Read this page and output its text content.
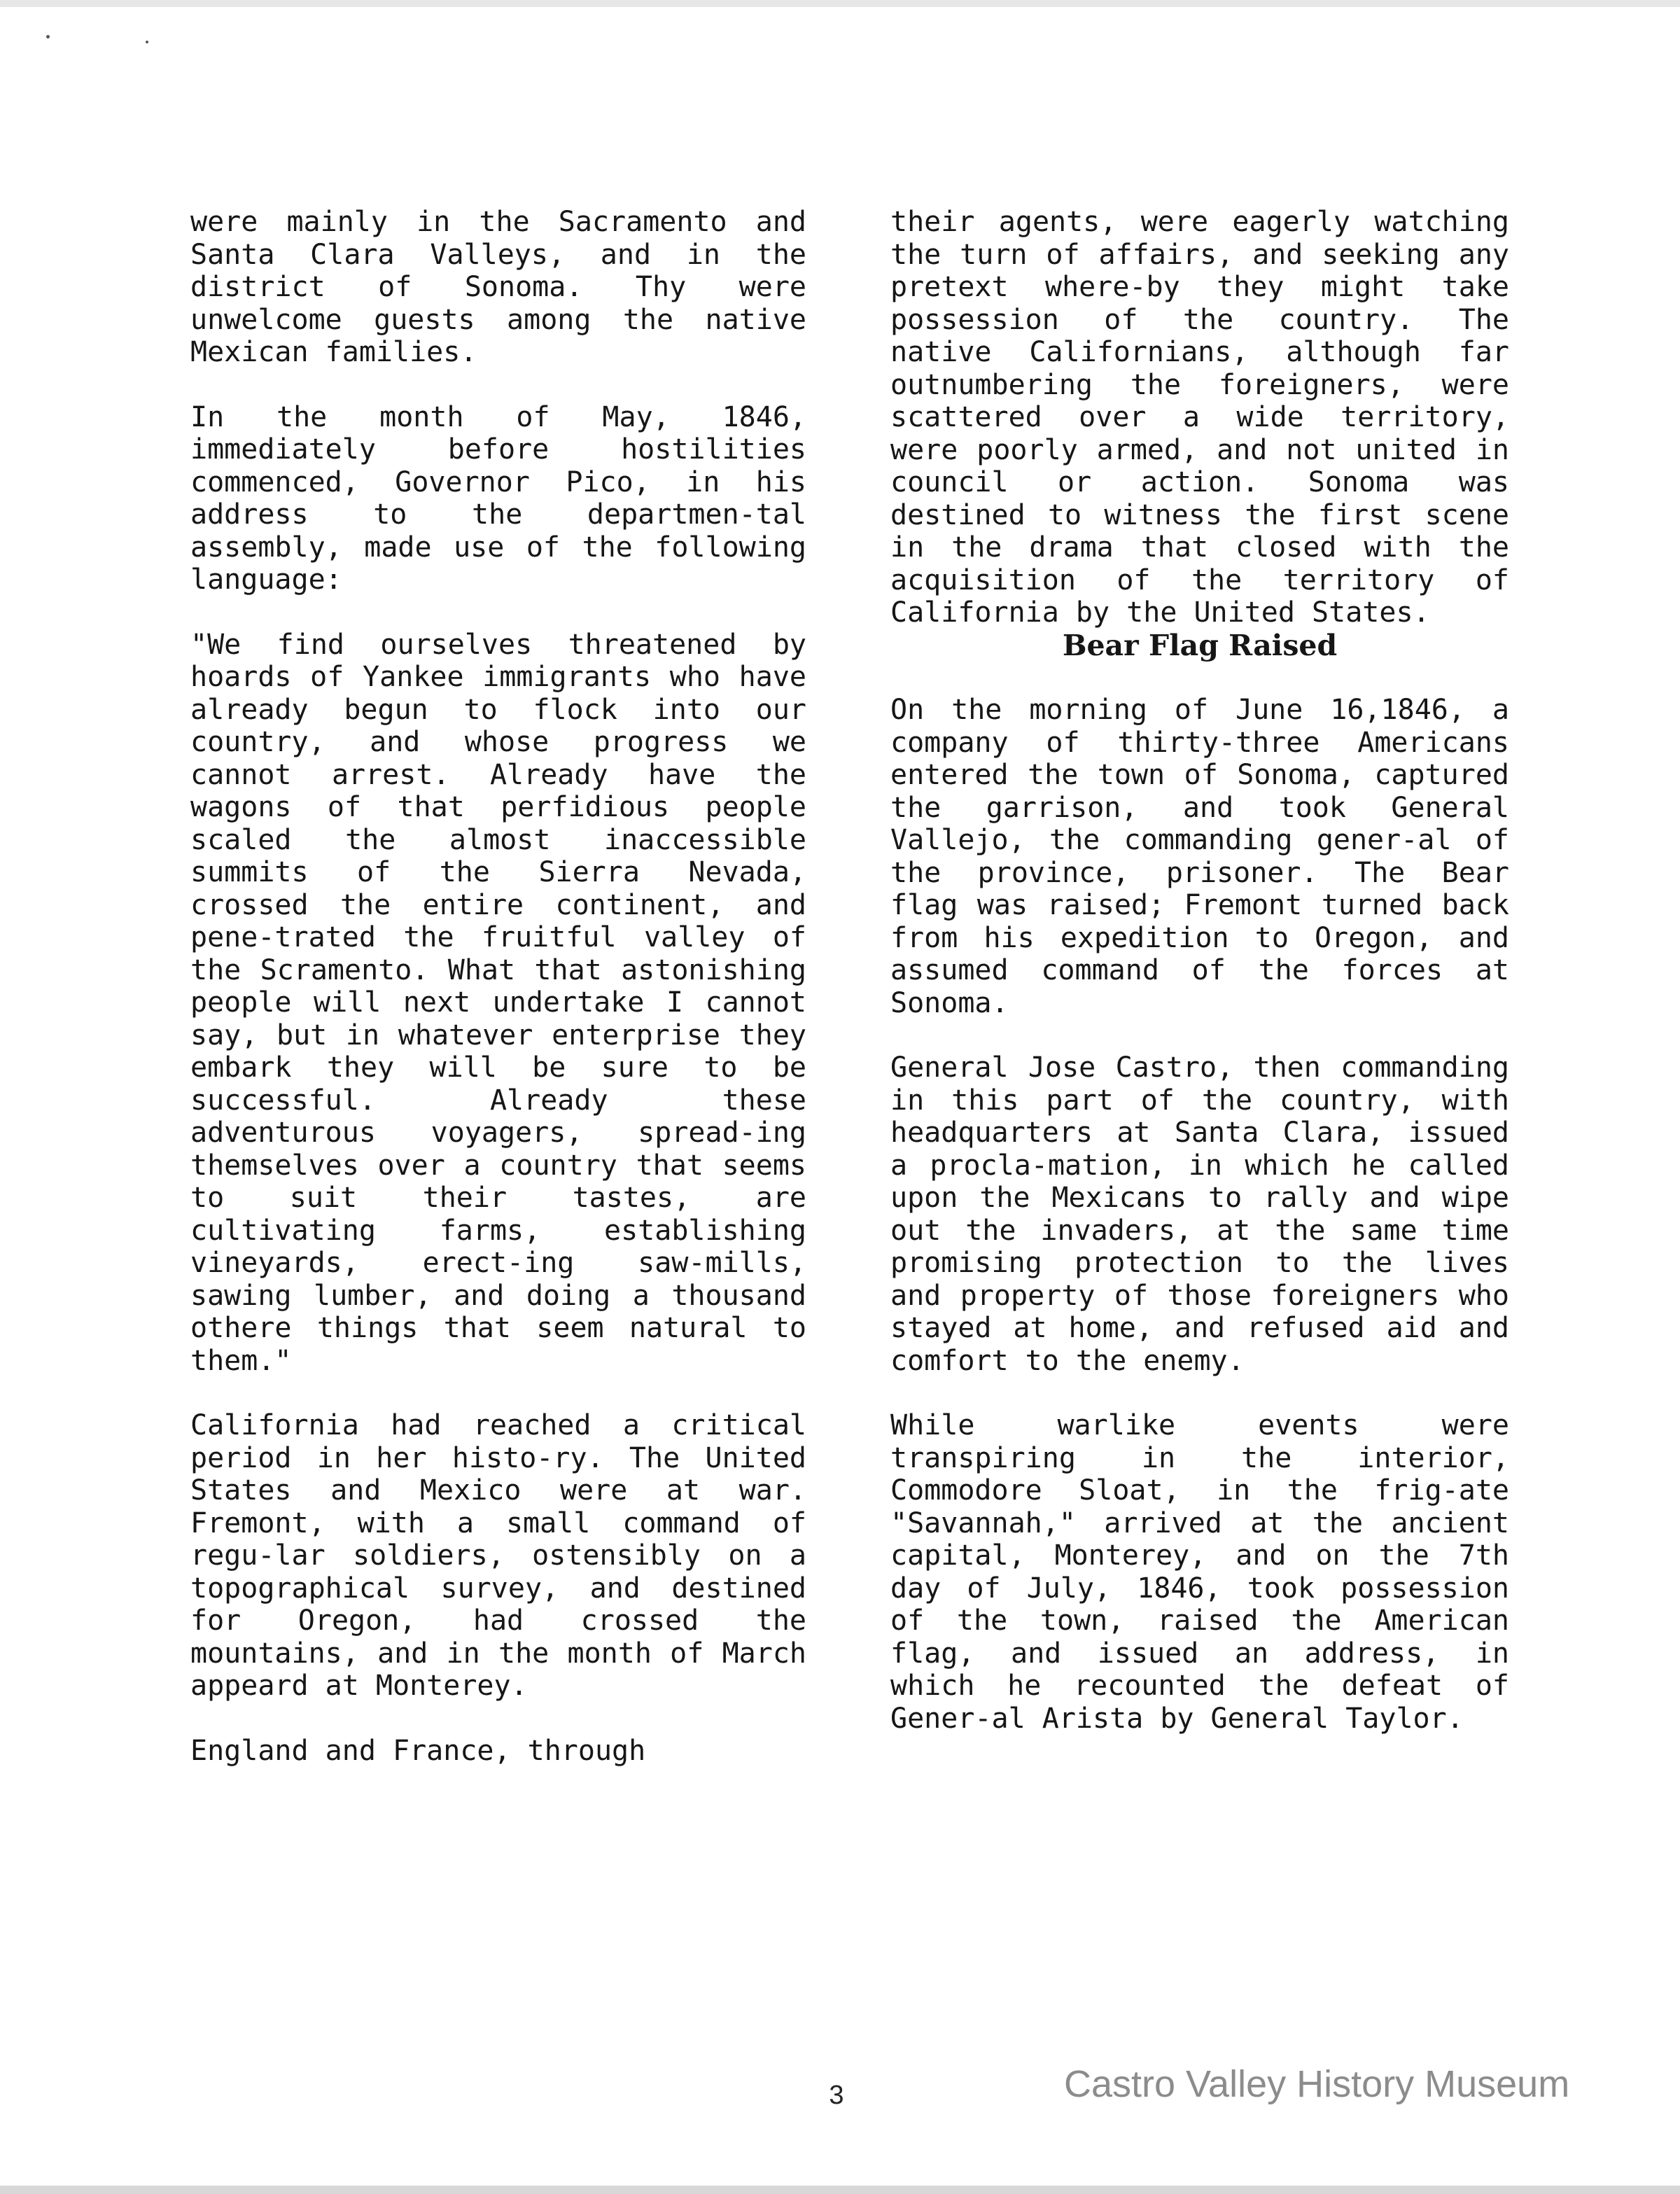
were mainly in the Sacramento and Santa Clara Valleys, and in the district of Sonoma. Thy were unwelcome guests among the native Mexican families.

In the month of May, 1846, immediately before hostilities commenced, Governor Pico, in his address to the departmen-tal assembly, made use of the following language:

"We find ourselves threatened by hoards of Yankee immigrants who have already begun to flock into our country, and whose progress we cannot arrest. Already have the wagons of that perfidious people scaled the almost inaccessible summits of the Sierra Nevada, crossed the entire continent, and pene-trated the fruitful valley of the Scramento. What that astonishing people will next undertake I cannot say, but in whatever enterprise they embark they will be sure to be successful. Already these adventurous voyagers, spread-ing themselves over a country that seems to suit their tastes, are cultivating farms, establishing vineyards, erect-ing saw-mills, sawing lumber, and doing a thousand othere things that seem natural to them."

California had reached a critical period in her histo-ry. The United States and Mexico were at war. Fremont, with a small command of regu-lar soldiers, ostensibly on a topographical survey, and destined for Oregon, had crossed the mountains, and in the month of March appeard at Monterey.

England and France, through

their agents, were eagerly watching the turn of affairs, and seeking any pretext where-by they might take possession of the country. The native Californians, although far outnumbering the foreigners, were scattered over a wide territory, were poorly armed, and not united in council or action. Sonoma was destined to witness the first scene in the drama that closed with the acquisition of the territory of California by the United States.

Bear Flag Raised

On the morning of June 16,1846, a company of thirty-three Americans entered the town of Sonoma, captured the garrison, and took General Vallejo, the commanding gener-al of the province, prisoner. The Bear flag was raised; Fremont turned back from his expedition to Oregon, and assumed command of the forces at Sonoma.

General Jose Castro, then commanding in this part of the country, with headquarters at Santa Clara, issued a procla-mation, in which he called upon the Mexicans to rally and wipe out the invaders, at the same time promising protection to the lives and property of those foreigners who stayed at home, and refused aid and comfort to the enemy.

While warlike events were transpiring in the interior, Commodore Sloat, in the frig-ate "Savannah," arrived at the ancient capital, Monterey, and on the 7th day of July, 1846, took possession of the town, raised the American flag, and issued an address, in which he recounted the defeat of Gener-al Arista by General Taylor.

3	Castro Valley History Museum
